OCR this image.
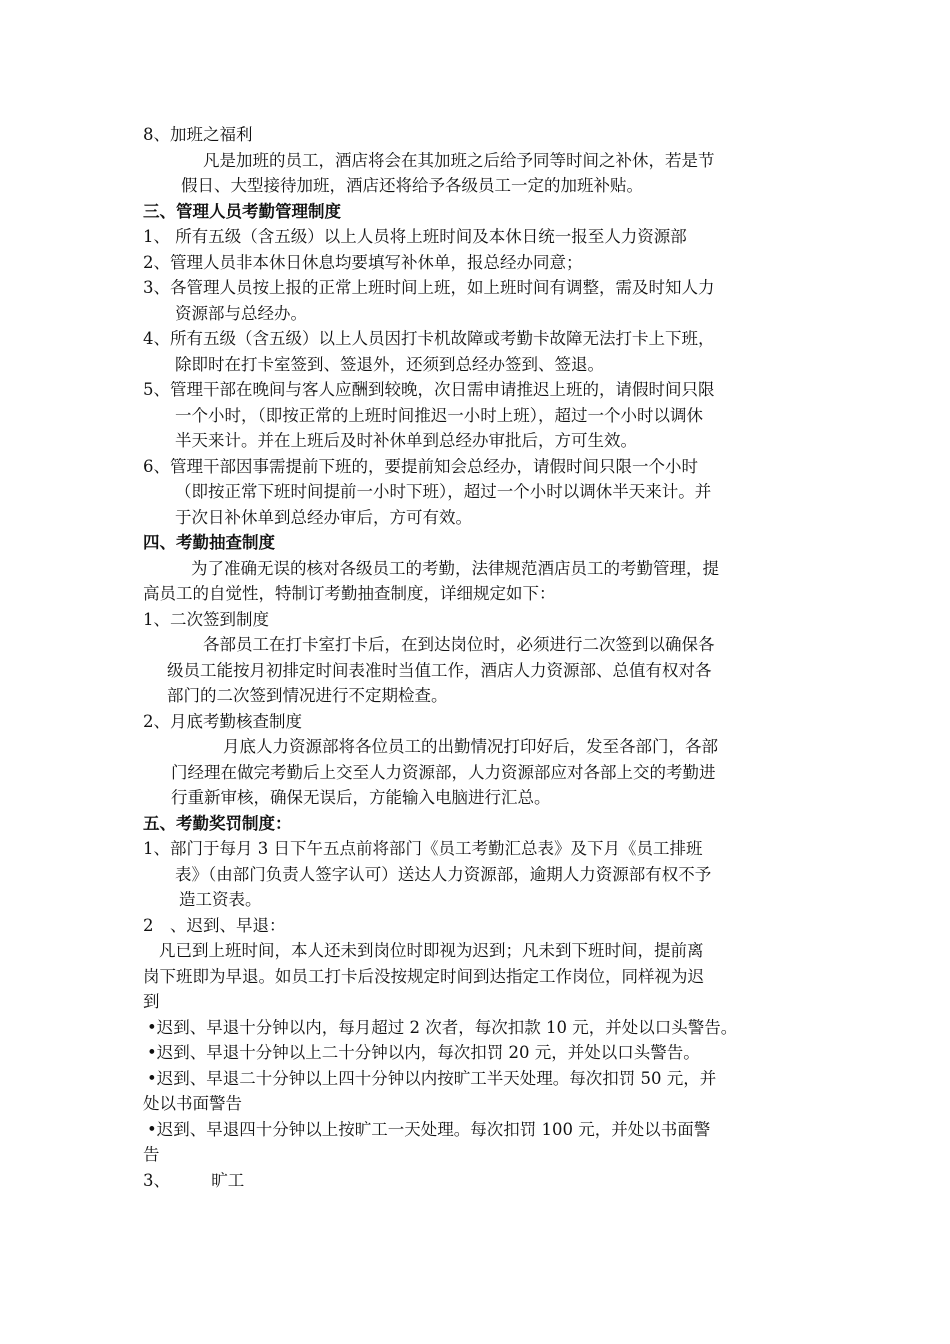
8、加班之福利
凡是加班的员工，酒店将会在其加班之后给予同等时间之补休，若是节
假日、大型接待加班，酒店还将给予各级员工一定的加班补贴。
三、管理人员考勤管理制度
1、 所有五级（含五级）以上人员将上班时间及本休日统一报至人力资源部
2、管理人员非本休日休息均要填写补休单，报总经办同意；
3、各管理人员按上报的正常上班时间上班，如上班时间有调整，需及时知人力
资源部与总经办。
4、所有五级（含五级）以上人员因打卡机故障或考勤卡故障无法打卡上下班，
除即时在打卡室签到、签退外，还须到总经办签到、签退。
5、管理干部在晚间与客人应酬到较晚，次日需申请推迟上班的，请假时间只限
一个小时，（即按正常的上班时间推迟一小时上班），超过一个小时以调休
半天来计。并在上班后及时补休单到总经办审批后，方可生效。
6、管理干部因事需提前下班的，要提前知会总经办，请假时间只限一个小时
（即按正常下班时间提前一小时下班），超过一个小时以调休半天来计。并
于次日补休单到总经办审后，方可有效。
四、考勤抽查制度
为了准确无误的核对各级员工的考勤，法律规范酒店员工的考勤管理，提
高员工的自觉性，特制订考勤抽查制度，详细规定如下：
1、二次签到制度
各部员工在打卡室打卡后，在到达岗位时，必须进行二次签到以确保各
级员工能按月初排定时间表准时当值工作，酒店人力资源部、总值有权对各
部门的二次签到情况进行不定期检查。
2、月底考勤核查制度
月底人力资源部将各位员工的出勤情况打印好后，发至各部门，各部
门经理在做完考勤后上交至人力资源部，人力资源部应对各部上交的考勤进
行重新审核，确保无误后，方能输入电脑进行汇总。
五、考勤奖罚制度：
1、部门于每月 3 日下午五点前将部门《员工考勤汇总表》及下月《员工排班
表》（由部门负责人签字认可）送达人力资源部，逾期人力资源部有权不予
造工资表。
2　、迟到、早退：
凡已到上班时间，本人还未到岗位时即视为迟到；凡未到下班时间，提前离
岗下班即为早退。如员工打卡后没按规定时间到达指定工作岗位，同样视为迟
到
•迟到、早退十分钟以内，每月超过 2 次者，每次扣款 10 元，并处以口头警告。
•迟到、早退十分钟以上二十分钟以内，每次扣罚 20 元，并处以口头警告。
•迟到、早退二十分钟以上四十分钟以内按旷工半天处理。每次扣罚 50 元，并
处以书面警告
•迟到、早退四十分钟以上按旷工一天处理。每次扣罚 100 元，并处以书面警
告
3、　　　旷工
